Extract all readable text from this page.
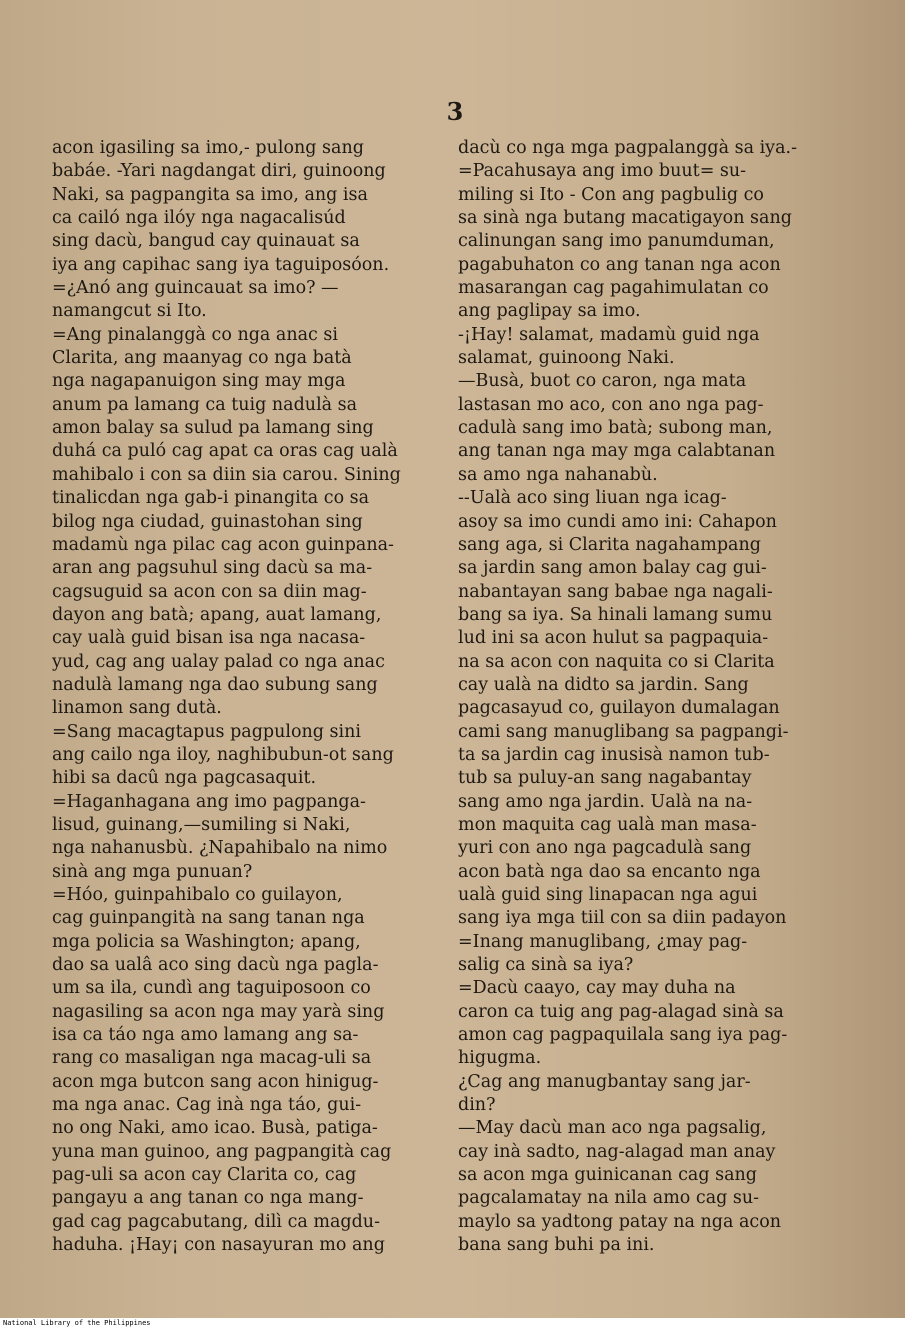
3
acon igasiling sa imo,- pulong sang
babáe. -Yari nagdangat diri, guinoong
Naki, sa pagpangita sa imo, ang isa
ca cailó nga ilóy nga nagacalisúd
sing dacù, bangud cay quinauat sa
iya ang capihac sang iya taguiposóon.
=¿Anó ang guincauat sa imo? —
namangcut si Ito.
=Ang pinalanggà co nga anac si
Clarita, ang maanyag co nga batà
nga nagapanuigon sing may mga
anum pa lamang ca tuig nadulà sa
amon balay sa sulud pa lamang sing
duhá ca puló cag apat ca oras cag ualà
mahibalo i con sa diin sia carou. Sining
tinalicdan nga gab-i pinangita co sa
bilog nga ciudad, guinastohan sing
madamù nga pilac cag acon guinpana-
aran ang pagsuhul sing dacù sa ma-
cagsuguid sa acon con sa diin mag-
dayon ang batà; apang, auat lamang,
cay ualà guid bisan isa nga nacasa-
yud, cag ang ualay palad co nga anac
nadulà lamang nga dao subung sang
linamon sang dutà.
=Sang macagtapus pagpulong sini
ang cailo nga iloy, naghibubun-ot sang
hibi sa dacû nga pagcasaquit.
=Haganhagana ang imo pagpanga-
lisud, guinang,—sumiling si Naki,
nga nahanusbù. ¿Napahibalo na nimo
sinà ang mga punuan?
=Hóo, guinpahibalo co guilayon,
cag guinpangità na sang tanan nga
mga policia sa Washington; apang,
dao sa ualâ aco sing dacù nga pagla-
um sa ila, cundì ang taguiposoon co
nagasiling sa acon nga may yarà sing
isa ca táo nga amo lamang ang sa-
rang co masaligan nga macag-uli sa
acon mga butcon sang acon hinigug-
ma nga anac. Cag inà nga táo, gui-
no ong Naki, amo icao. Busà, patiga-
yuna man guinoo, ang pagpangità cag
pag-uli sa acon cay Clarita co, cag
pangayu a ang tanan co nga mang-
gad cag pagcabutang, dilì ca magdu-
haduha. ¡Hay¡ con nasayuran mo ang
dacù co nga mga pagpalanggà sa iya.-
=Pacahusaya ang imo buut= su-
miling si Ito - Con ang pagbulig co
sa sinà nga butang macatigayon sang
calinungan sang imo panumduman,
pagabuhaton co ang tanan nga acon
masarangan cag pagahimulatan co
ang paglipay sa imo.
-¡Hay! salamat, madamù guid nga
salamat, guinoong Naki.
—Busà, buot co caron, nga mata
lastasan mo aco, con ano nga pag-
cadulà sang imo batà; subong man,
ang tanan nga may mga calabtanan
sa amo nga nahanabù.
--Ualà aco sing liuan nga icag-
asoy sa imo cundi amo ini: Cahapon
sang aga, si Clarita nagahampang
sa jardin sang amon balay cag gui-
nabantayan sang babae nga nagali-
bang sa iya. Sa hinali lamang sumu
lud ini sa acon hulut sa pagpaquia-
na sa acon con naquita co si Clarita
cay ualà na didto sa jardin. Sang
pagcasayud co, guilayon dumalagan
cami sang manuglibang sa pagpangi-
ta sa jardin cag inusisà namon tub-
tub sa puluy-an sang nagabantay
sang amo nga jardin. Ualà na na-
mon maquita cag ualà man masa-
yuri con ano nga pagcadulà sang
acon batà nga dao sa encanto nga
ualà guid sing linapacan nga agui
sang iya mga tiil con sa diin padayon
=Inang manuglibang, ¿may pag-
salig ca sinà sa iya?
=Dacù caayo, cay may duha na
caron ca tuig ang pag-alagad sinà sa
amon cag pagpaquilala sang iya pag-
higugma.
¿Cag ang manugbantay sang jar-
din?
—May dacù man aco nga pagsalig,
cay inà sadto, nag-alagad man anay
sa acon mga guinicanan cag sang
pagcalamatay na nila amo cag su-
maylo sa yadtong patay na nga acon
bana sang buhi pa ini.
National Library of the Philippines
